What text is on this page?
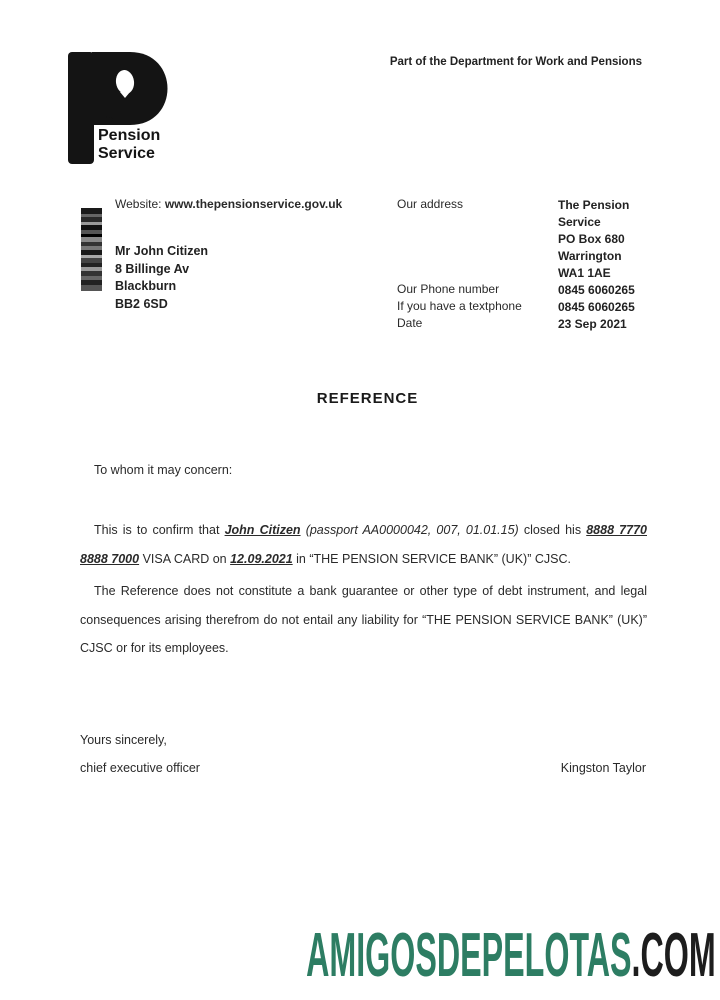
The
Pension
Service
Part of the Department for Work and Pensions
Website: www.thepensionservice.gov.uk
Mr John Citizen
8 Billinge Av
Blackburn
BB2 6SD
Our address
Our Phone number
If you have a textphone
Date
The Pension
Service
PO Box 680
Warrington
WA1 1AE
0845 6060265
0845 6060265
23 Sep 2021
REFERENCE
To whom it may concern:

This is to confirm that John Citizen (passport AA0000042, 007, 01.01.15) closed his 8888 7770 8888 7000 VISA CARD on 12.09.2021 in “THE PENSION SERVICE BANK” (UK)” CJSC.

The Reference does not constitute a bank guarantee or other type of debt instrument, and legal consequences arising therefrom do not entail any liability for “THE PENSION SERVICE BANK” (UK)” CJSC or for its employees.

Yours sincerely,
chief executive officer	Kingston Taylor
AMIGOSDEPELOTAS.COM
